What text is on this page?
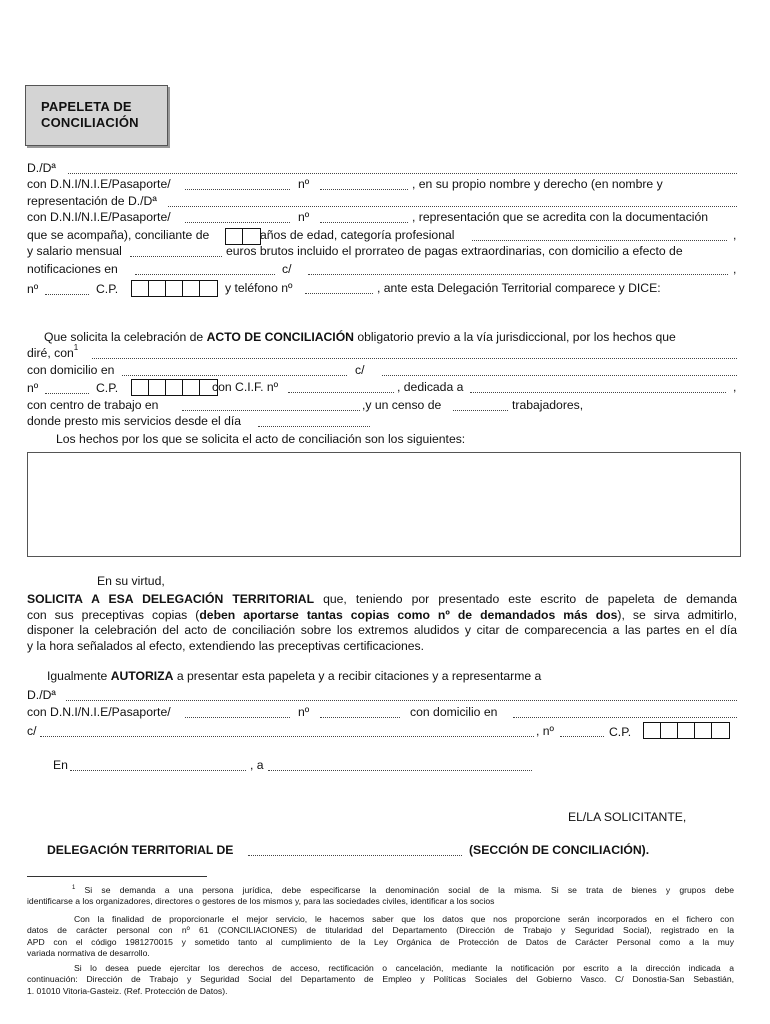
PAPELETA DE
CONCILIACIÓN
D./Dª
con D.N.I/N.I.E/Pasaporte/	nº	, en su propio nombre y derecho (en nombre y
representación de D./Dª
con D.N.I/N.I.E/Pasaporte/	nº	, representación que se acredita con la documentación
que se acompaña), conciliante de	años de edad, categoría profesional	,
y salario mensual	euros brutos incluido el prorrateo de pagas extraordinarias, con domicilio a efecto de
notificaciones en	c/	,
nº	C.P.	y teléfono nº	, ante esta Delegación Territorial comparece y DICE:
Que solicita la celebración de ACTO DE CONCILIACIÓN obligatorio previo a la vía jurisdiccional, por los hechos que
diré, con$^1$
con domicilio en	c/
nº	C.P.	con C.I.F. nº	, dedicada a	,
con centro de trabajo en	,y un censo de	trabajadores,
donde presto mis servicios desde el día
Los hechos por los que se solicita el acto de conciliación son los siguientes:
En su virtud,
SOLICITA A ESA DELEGACIÓN TERRITORIAL que, teniendo por presentado este escrito de papeleta de demanda
con sus preceptivas copias (deben aportarse tantas copias como nº de demandados más dos), se sirva admitirlo,
disponer la celebración del acto de conciliación sobre los extremos aludidos y citar de comparecencia a las partes en el día
y la hora señalados al efecto, extendiendo las preceptivas certificaciones.
Igualmente AUTORIZA a presentar esta papeleta y a recibir citaciones y a representarme a
D./Dª
con D.N.I/N.I.E/Pasaporte/	nº	con domicilio en
c/	, nº	C.P.
En	, a
EL/LA SOLICITANTE,
DELEGACIÓN TERRITORIAL DE	(SECCIÓN DE CONCILIACIÓN).
$^1$ Si se demanda a una persona jurídica, debe especificarse la denominación social de la misma. Si se trata de bienes y grupos debe
identificarse a los organizadores, directores o gestores de los mismos y, para las sociedades civiles, identificar a los socios
Con la finalidad de proporcionarle el mejor servicio, le hacemos saber que los datos que nos proporcione serán incorporados en el fichero con
datos de carácter personal con nº 61 (CONCILIACIONES) de titularidad del Departamento (Dirección de Trabajo y Seguridad Social), registrado en la
APD con el código 1981270015 y sometido tanto al cumplimiento de la Ley Orgánica de Protección de Datos de Carácter Personal como a la muy
variada normativa de desarrollo.
Si lo desea puede ejercitar los derechos de acceso, rectificación o cancelación, mediante la notificación por escrito a la dirección indicada a
continuación: Dirección de Trabajo y Seguridad Social del Departamento de Empleo y Políticas Sociales del Gobierno Vasco. C/ Donostia-San Sebastián,
1. 01010 Vitoria-Gasteiz. (Ref. Protección de Datos).
